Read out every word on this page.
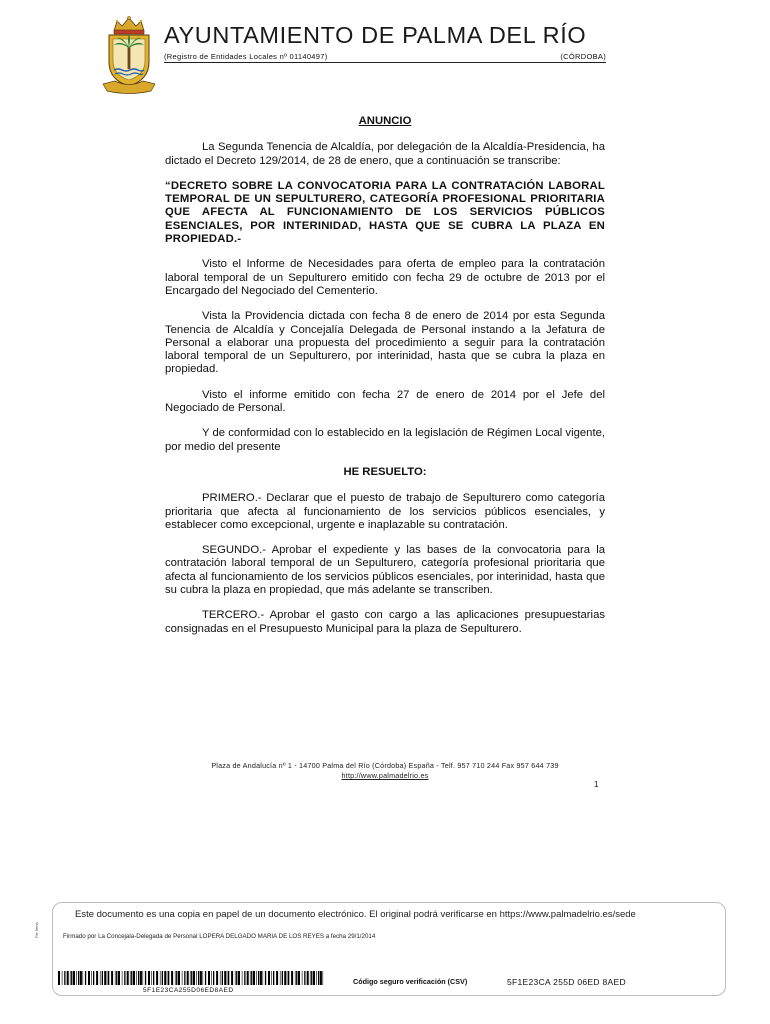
AYUNTAMIENTO DE PALMA DEL RÍO
(Registro de Entidades Locales nº 01140497)	(CÓRDOBA)
ANUNCIO

La Segunda Tenencia de Alcaldía, por delegación de la Alcaldía-Presidencia, ha dictado el Decreto 129/2014, de 28 de enero, que a continuación se transcribe:

“DECRETO SOBRE LA CONVOCATORIA PARA LA CONTRATACIÓN LABORAL TEMPORAL DE UN SEPULTURERO, CATEGORÍA PROFESIONAL PRIORITARIA QUE AFECTA AL FUNCIONAMIENTO DE LOS SERVICIOS PÚBLICOS ESENCIALES, POR INTERINIDAD, HASTA QUE SE CUBRA LA PLAZA EN PROPIEDAD.-

Visto el Informe de Necesidades para oferta de empleo para la contratación laboral temporal de un Sepulturero emitido con fecha 29 de octubre de 2013 por el Encargado del Negociado del Cementerio.

Vista la Providencia dictada con fecha 8 de enero de 2014 por esta Segunda Tenencia de Alcaldía y Concejalía Delegada de Personal instando a la Jefatura de Personal a elaborar una propuesta del procedimiento a seguir para la contratación laboral temporal de un Sepulturero, por interinidad, hasta que se cubra la plaza en propiedad.

Visto el informe emitido con fecha 27 de enero de 2014 por el Jefe del Negociado de Personal.

Y de conformidad con lo establecido en la legislación de Régimen Local vigente, por medio del presente

HE RESUELTO:

PRIMERO.- Declarar que el puesto de trabajo de Sepulturero como categoría prioritaria que afecta al funcionamiento de los servicios públicos esenciales, y establecer como excepcional, urgente e inaplazable su contratación.

SEGUNDO.- Aprobar el expediente y las bases de la convocatoria para la contratación laboral temporal de un Sepulturero, categoría profesional prioritaria que afecta al funcionamiento de los servicios públicos esenciales, por interinidad, hasta que su cubra la plaza en propiedad, que más adelante se transcriben.

TERCERO.- Aprobar el gasto con cargo a las aplicaciones presupuestarias consignadas en el Presupuesto Municipal para la plaza de Sepulturero.

Plaza de Andalucía nº 1 - 14700 Palma del Río (Córdoba) España - Telf. 957 710 244 Fax 957 644 739
http://www.palmadelrio.es
1
Pie firma
Este documento es una copia en papel de un documento electrónico. El original podrá verificarse en https://www.palmadelrio.es/sede
Firmado por La Concejala-Delegada de Personal LOPERA DELGADO MARIA DE LOS REYES a fecha 29/1/2014
5F1E23CA255D06ED8AED
Código seguro verificación (CSV)	5F1E23CA 255D 06ED 8AED
